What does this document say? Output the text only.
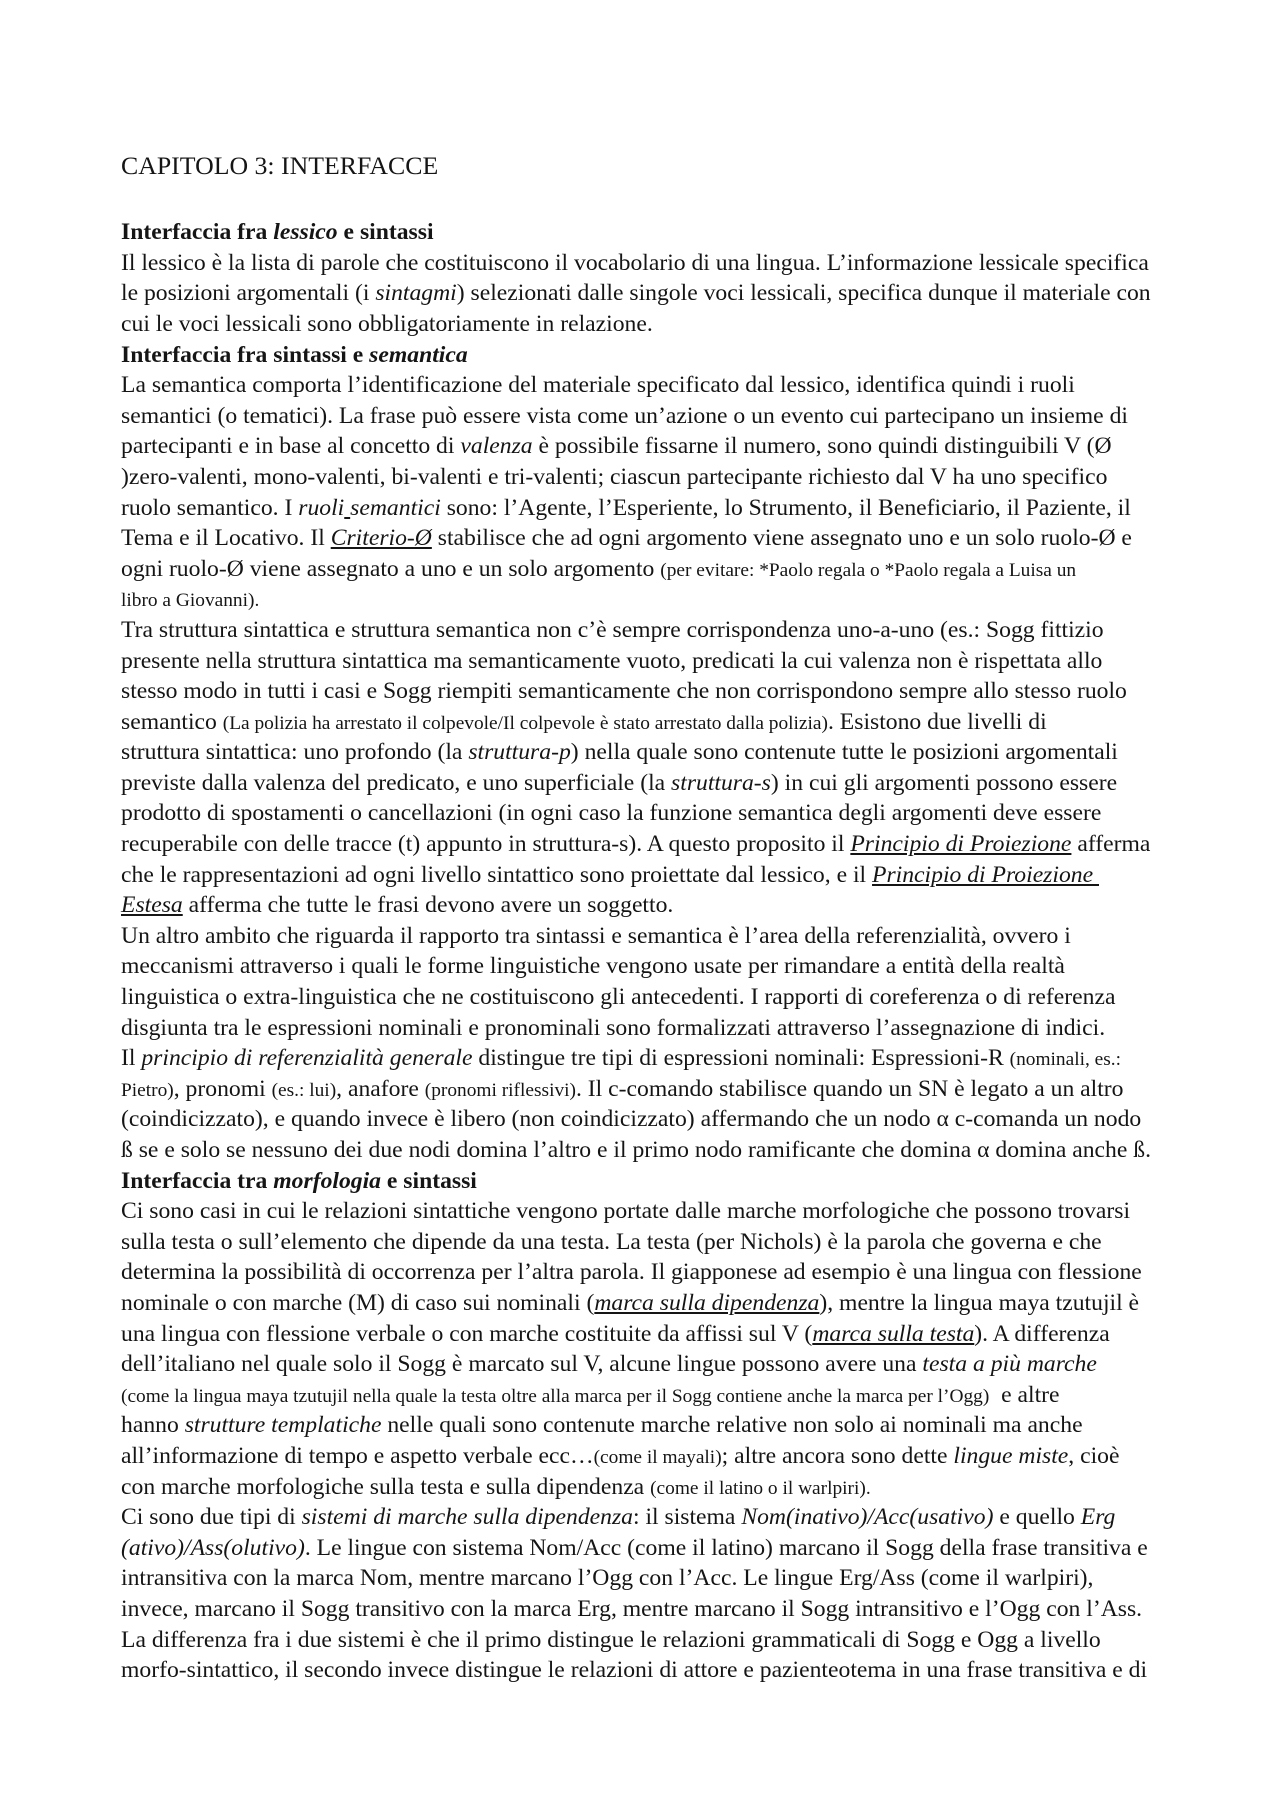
CAPITOLO 3: INTERFACCE
Interfaccia fra lessico e sintassi
Il lessico è la lista di parole che costituiscono il vocabolario di una lingua. L’informazione lessicale specifica
le posizioni argomentali (i sintagmi) selezionati dalle singole voci lessicali, specifica dunque il materiale con
cui le voci lessicali sono obbligatoriamente in relazione.
Interfaccia fra sintassi e semantica
La semantica comporta l’identificazione del materiale specificato dal lessico, identifica quindi i ruoli
semantici (o tematici). La frase può essere vista come un’azione o un evento cui partecipano un insieme di
partecipanti e in base al concetto di valenza è possibile fissarne il numero, sono quindi distinguibili V (Ø
)zero-valenti, mono-valenti, bi-valenti e tri-valenti; ciascun partecipante richiesto dal V ha uno specifico
ruolo semantico. I ruoli semantici sono: l’Agente, l’Esperiente, lo Strumento, il Beneficiario, il Paziente, il
Tema e il Locativo. Il Criterio-Ø stabilisce che ad ogni argomento viene assegnato uno e un solo ruolo-Ø e
ogni ruolo-Ø viene assegnato a uno e un solo argomento (per evitare: *Paolo regala o *Paolo regala a Luisa un
libro a Giovanni).
Tra struttura sintattica e struttura semantica non c’è sempre corrispondenza uno-a-uno (es.: Sogg fittizio
presente nella struttura sintattica ma semanticamente vuoto, predicati la cui valenza non è rispettata allo
stesso modo in tutti i casi e Sogg riempiti semanticamente che non corrispondono sempre allo stesso ruolo
semantico (La polizia ha arrestato il colpevole/Il colpevole è stato arrestato dalla polizia). Esistono due livelli di
struttura sintattica: uno profondo (la struttura-p) nella quale sono contenute tutte le posizioni argomentali
previste dalla valenza del predicato, e uno superficiale (la struttura-s) in cui gli argomenti possono essere
prodotto di spostamenti o cancellazioni (in ogni caso la funzione semantica degli argomenti deve essere
recuperabile con delle tracce (t) appunto in struttura-s). A questo proposito il Principio di Proiezione afferma
che le rappresentazioni ad ogni livello sintattico sono proiettate dal lessico, e il Principio di Proiezione
Estesa afferma che tutte le frasi devono avere un soggetto.
Un altro ambito che riguarda il rapporto tra sintassi e semantica è l’area della referenzialità, ovvero i
meccanismi attraverso i quali le forme linguistiche vengono usate per rimandare a entità della realtà
linguistica o extra-linguistica che ne costituiscono gli antecedenti. I rapporti di coreferenza o di referenza
disgiunta tra le espressioni nominali e pronominali sono formalizzati attraverso l’assegnazione di indici.
Il principio di referenzialità generale distingue tre tipi di espressioni nominali: Espressioni-R (nominali, es.:
Pietro), pronomi (es.: lui), anafore (pronomi riflessivi). Il c-comando stabilisce quando un SN è legato a un altro
(coindicizzato), e quando invece è libero (non coindicizzato) affermando che un nodo α c-comanda un nodo
ß se e solo se nessuno dei due nodi domina l’altro e il primo nodo ramificante che domina α domina anche ß.
Interfaccia tra morfologia e sintassi
Ci sono casi in cui le relazioni sintattiche vengono portate dalle marche morfologiche che possono trovarsi
sulla testa o sull’elemento che dipende da una testa. La testa (per Nichols) è la parola che governa e che
determina la possibilità di occorrenza per l’altra parola. Il giapponese ad esempio è una lingua con flessione
nominale o con marche (M) di caso sui nominali (marca sulla dipendenza), mentre la lingua maya tzutujil è
una lingua con flessione verbale o con marche costituite da affissi sul V (marca sulla testa). A differenza
dell’italiano nel quale solo il Sogg è marcato sul V, alcune lingue possono avere una testa a più marche
(come la lingua maya tzutujil nella quale la testa oltre alla marca per il Sogg contiene anche la marca per l’Ogg)  e altre
hanno strutture templatiche nelle quali sono contenute marche relative non solo ai nominali ma anche
all’informazione di tempo e aspetto verbale ecc…(come il mayali); altre ancora sono dette lingue miste, cioè
con marche morfologiche sulla testa e sulla dipendenza (come il latino o il warlpiri).
Ci sono due tipi di sistemi di marche sulla dipendenza: il sistema Nom(inativo)/Acc(usativo) e quello Erg
(ativo)/Ass(olutivo). Le lingue con sistema Nom/Acc (come il latino) marcano il Sogg della frase transitiva e
intransitiva con la marca Nom, mentre marcano l’Ogg con l’Acc. Le lingue Erg/Ass (come il warlpiri),
invece, marcano il Sogg transitivo con la marca Erg, mentre marcano il Sogg intransitivo e l’Ogg con l’Ass.
La differenza fra i due sistemi è che il primo distingue le relazioni grammaticali di Sogg e Ogg a livello
morfo-sintattico, il secondo invece distingue le relazioni di attore e pazienteotema in una frase transitiva e di
